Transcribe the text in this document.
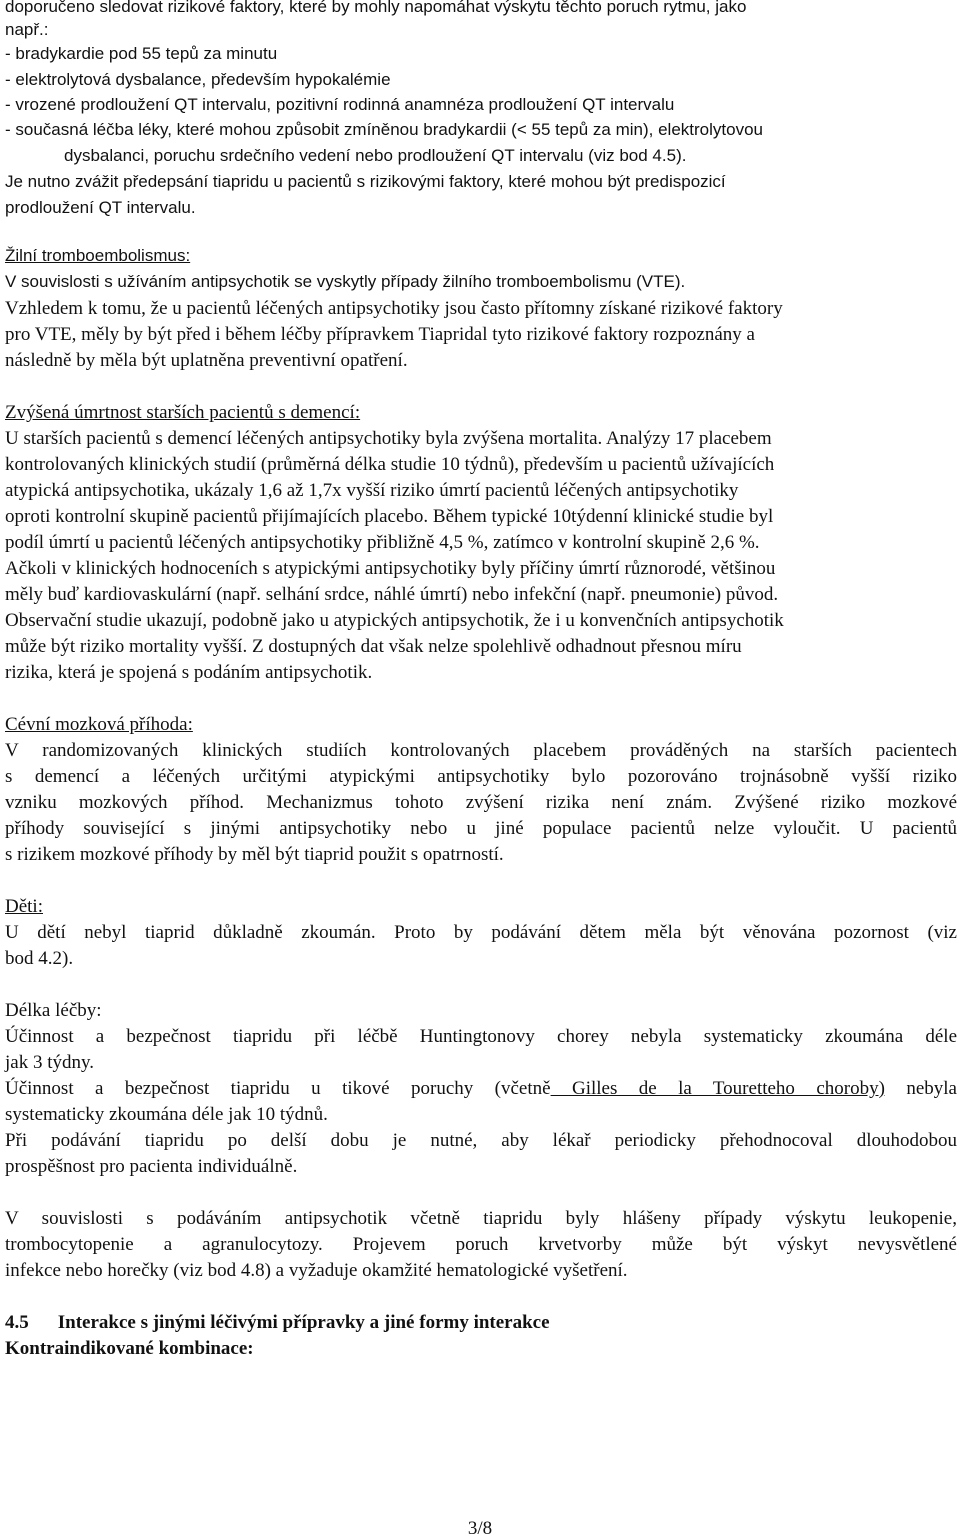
doporučeno sledovat rizikové faktory, které by mohly napomáhat výskytu těchto poruch rytmu, jako
např.:
- bradykardie pod 55 tepů za minutu
- elektrolytová dysbalance, především hypokalémie
- vrozené prodloužení QT intervalu, pozitivní rodinná anamnéza prodloužení QT intervalu
- současná léčba léky, které mohou způsobit zmíněnou bradykardii (< 55 tepů za min), elektrolytovou
dysbalanci, poruchu srdečního vedení nebo prodloužení QT intervalu (viz bod 4.5).
Je nutno zvážit předepsání tiapridu u pacientů s rizikovými faktory, které mohou být predispozicí
prodloužení QT intervalu.
Žilní tromboembolismus:
V souvislosti s užíváním antipsychotik se vyskytly případy žilního tromboembolismu (VTE).
Vzhledem k tomu, že u pacientů léčených antipsychotiky jsou často přítomny získané rizikové faktory
pro VTE, měly by být před i během léčby přípravkem Tiapridal tyto rizikové faktory rozpoznány a
následně by měla být uplatněna preventivní opatření.
Zvýšená úmrtnost starších pacientů s demencí:
U starších pacientů s demencí léčených antipsychotiky byla zvýšena mortalita. Analýzy 17 placebem
kontrolovaných klinických studií (průměrná délka studie 10 týdnů), především u pacientů užívajících
atypická antipsychotika, ukázaly 1,6 až 1,7x vyšší riziko úmrtí pacientů léčených antipsychotiky
oproti kontrolní skupině pacientů přijímajících placebo. Během typické 10týdenní klinické studie byl
podíl úmrtí u pacientů léčených antipsychotiky přibližně 4,5 %, zatímco v kontrolní skupině 2,6 %.
Ačkoli v klinických hodnoceních s atypickými antipsychotiky byly příčiny úmrtí různorodé, většinou
měly buď kardiovaskulární (např. selhání srdce, náhlé úmrtí) nebo infekční (např. pneumonie) původ.
Observační studie ukazují, podobně jako u atypických antipsychotik, že i u konvenčních antipsychotik
může být riziko mortality vyšší. Z dostupných dat však nelze spolehlivě odhadnout přesnou míru
rizika, která je spojená s podáním antipsychotik.
Cévní mozková příhoda:
V randomizovaných klinických studiích kontrolovaných placebem prováděných na starších pacientech
s demencí a léčených určitými atypickými antipsychotiky bylo pozorováno trojnásobně vyšší riziko
vzniku mozkových příhod. Mechanizmus tohoto zvýšení rizika není znám. Zvýšené riziko mozkové
příhody související s jinými antipsychotiky nebo u jiné populace pacientů nelze vyloučit. U pacientů
s rizikem mozkové příhody by měl být tiaprid použit s opatrností.
Děti:
U dětí nebyl tiaprid důkladně zkoumán. Proto by podávání dětem měla být věnována pozornost (viz
bod 4.2).
Délka léčby:
Účinnost a bezpečnost tiapridu při léčbě Huntingtonovy chorey nebyla systematicky zkoumána déle
jak 3 týdny.
Účinnost a bezpečnost tiapridu u tikové poruchy (včetně Gilles de la Touretteho choroby) nebyla
systematicky zkoumána déle jak 10 týdnů.
Při podávání tiapridu po delší dobu je nutné, aby lékař periodicky přehodnocoval dlouhodobou
prospěšnost pro pacienta individuálně.
V souvislosti s podáváním antipsychotik včetně tiapridu byly hlášeny případy výskytu leukopenie,
trombocytopenie a agranulocytozy. Projevem poruch krvetvorby může být výskyt nevysvětlené
infekce nebo horečky (viz bod 4.8) a vyžaduje okamžité hematologické vyšetření.
4.5 Interakce s jinými léčivými přípravky a jiné formy interakce
Kontraindikované kombinace:
3/8
